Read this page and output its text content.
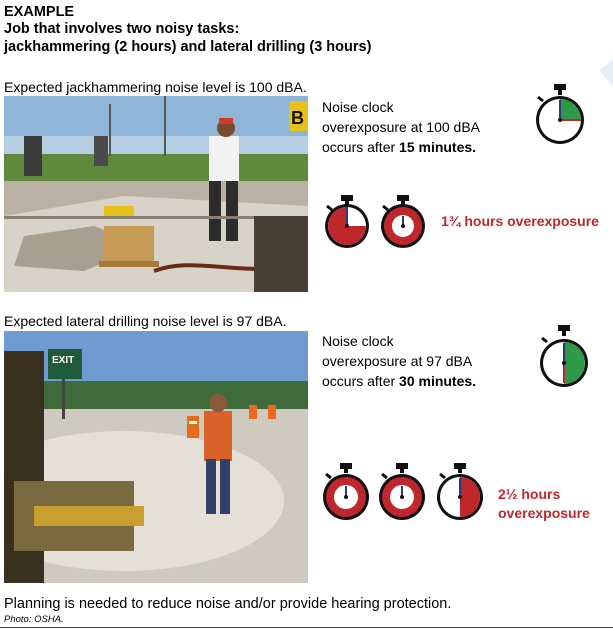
EXAMPLE
Job that involves two noisy tasks:
jackhammering (2 hours) and lateral drilling (3 hours)
Expected jackhammering noise level is 100 dBA.
B
Noise clock
overexposure at 100 dBA
occurs after 15 minutes.
1¾ hours overexposure
Expected lateral drilling noise level is 97 dBA.
EXIT
Noise clock
overexposure at 97 dBA
occurs after 30 minutes.
2½ hours
overexposure
Planning is needed to reduce noise and/or provide hearing protection.
Photo: OSHA.
